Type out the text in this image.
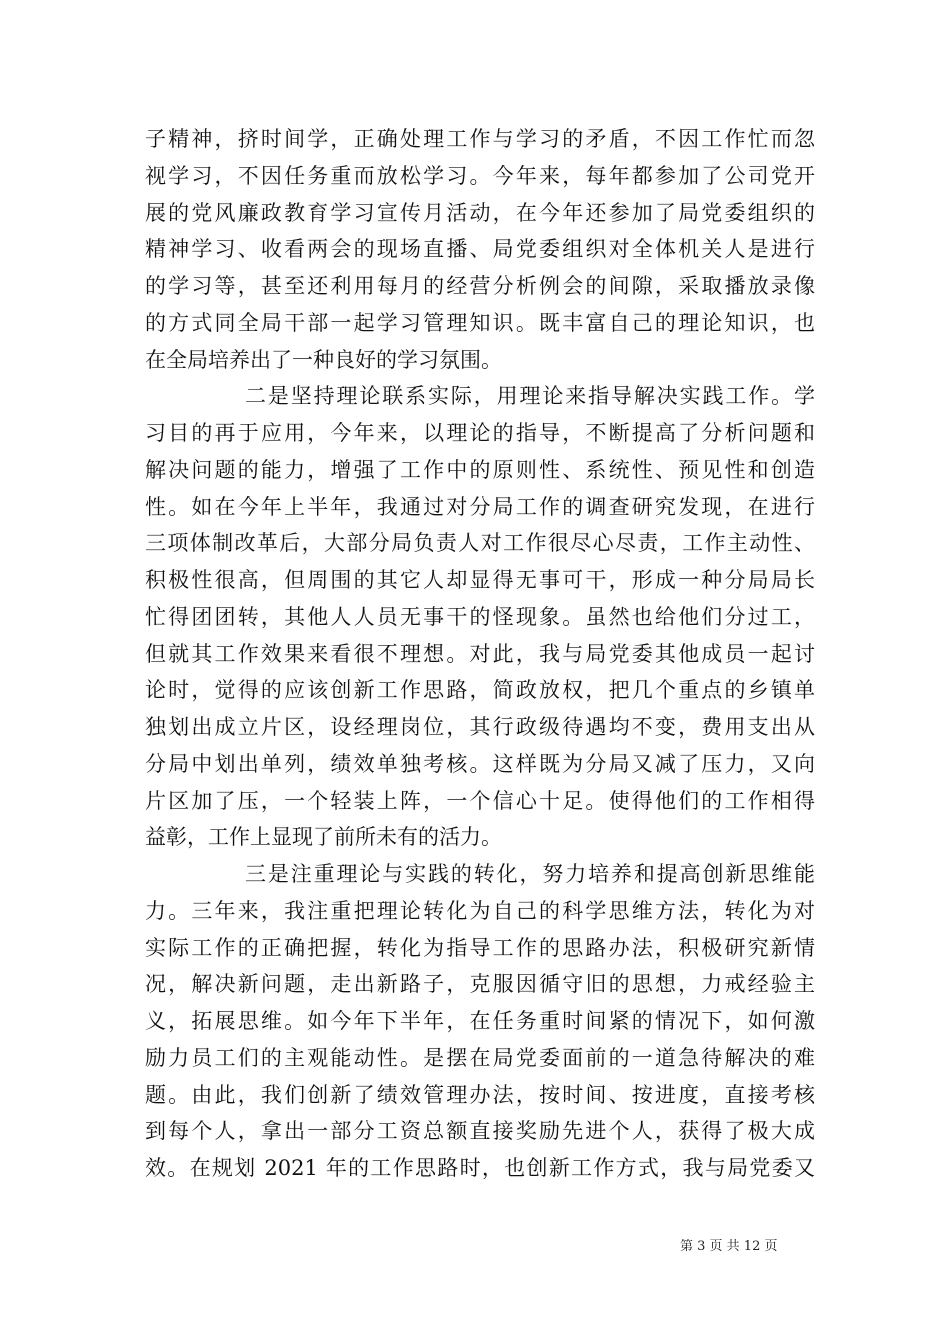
子精神，挤时间学，正确处理工作与学习的矛盾，不因工作忙而忽
视学习，不因任务重而放松学习。今年来，每年都参加了公司党开
展的党风廉政教育学习宣传月活动，在今年还参加了局党委组织的
精神学习、收看两会的现场直播、局党委组织对全体机关人是进行
的学习等，甚至还利用每月的经营分析例会的间隙，采取播放录像
的方式同全局干部一起学习管理知识。既丰富自己的理论知识，也
在全局培养出了一种良好的学习氛围。
二是坚持理论联系实际，用理论来指导解决实践工作。学
习目的再于应用，今年来，以理论的指导，不断提高了分析问题和
解决问题的能力，增强了工作中的原则性、系统性、预见性和创造
性。如在今年上半年，我通过对分局工作的调查研究发现，在进行
三项体制改革后，大部分局负责人对工作很尽心尽责，工作主动性、
积极性很高，但周围的其它人却显得无事可干，形成一种分局局长
忙得团团转，其他人人员无事干的怪现象。虽然也给他们分过工，
但就其工作效果来看很不理想。对此，我与局党委其他成员一起讨
论时，觉得的应该创新工作思路，简政放权，把几个重点的乡镇单
独划出成立片区，设经理岗位，其行政级待遇均不变，费用支出从
分局中划出单列，绩效单独考核。这样既为分局又减了压力，又向
片区加了压，一个轻装上阵，一个信心十足。使得他们的工作相得
益彰，工作上显现了前所未有的活力。
三是注重理论与实践的转化，努力培养和提高创新思维能
力。三年来，我注重把理论转化为自己的科学思维方法，转化为对
实际工作的正确把握，转化为指导工作的思路办法，积极研究新情
况，解决新问题，走出新路子，克服因循守旧的思想，力戒经验主
义，拓展思维。如今年下半年，在任务重时间紧的情况下，如何激
励力员工们的主观能动性。是摆在局党委面前的一道急待解决的难
题。由此，我们创新了绩效管理办法，按时间、按进度，直接考核
到每个人，拿出一部分工资总额直接奖励先进个人，获得了极大成
效。在规划 2021 年的工作思路时，也创新工作方式，我与局党委又
第 3 页 共 12 页
